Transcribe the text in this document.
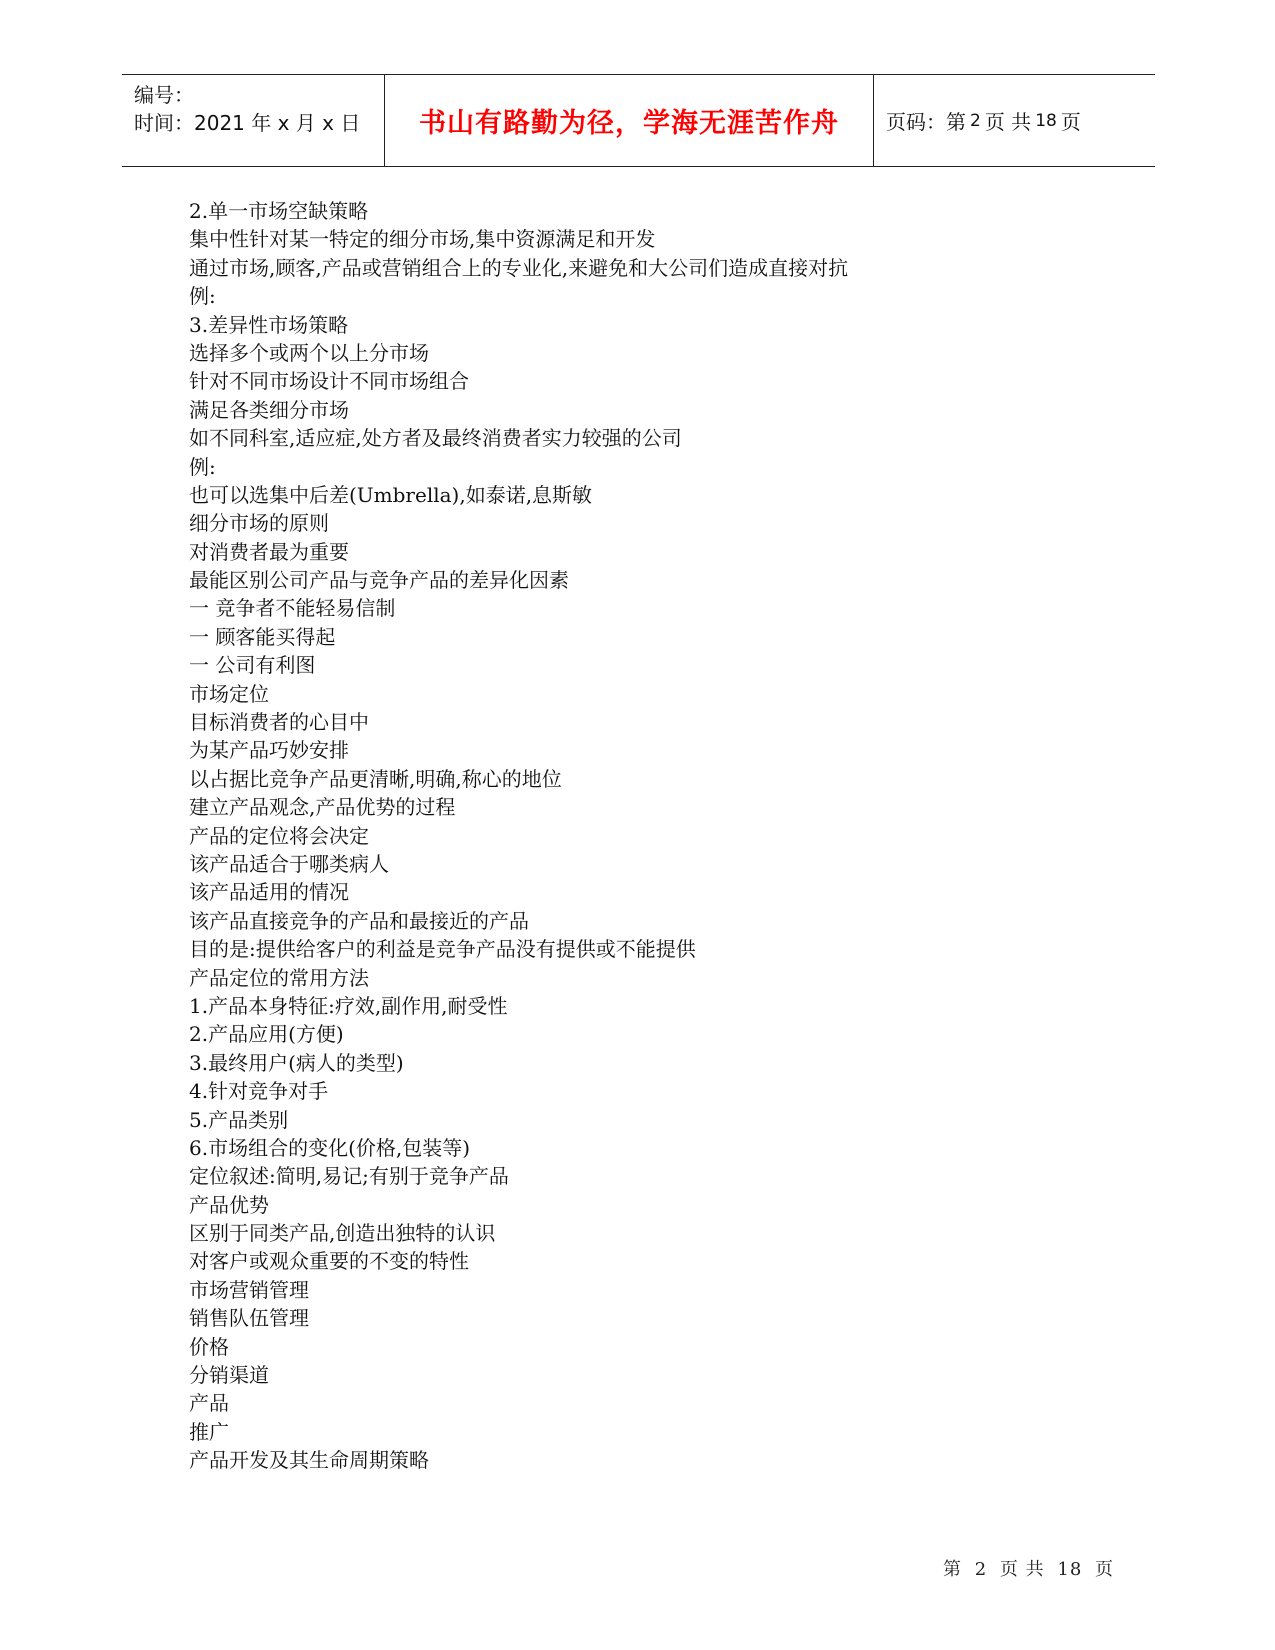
编号：
时间：2021 年 x 月 x 日	书山有路勤为径，学海无涯苦作舟 页码：第 2 页 共 18 页
2.单一市场空缺策略
集中性针对某一特定的细分市场,集中资源满足和开发
通过市场,顾客,产品或营销组合上的专业化,来避免和大公司们造成直接对抗
例:
3.差异性市场策略
选择多个或两个以上分市场
针对不同市场设计不同市场组合
满足各类细分市场
如不同科室,适应症,处方者及最终消费者实力较强的公司
例:
也可以选集中后差(Umbrella),如泰诺,息斯敏
细分市场的原则
对消费者最为重要
最能区别公司产品与竞争产品的差异化因素
一 竞争者不能轻易信制
一 顾客能买得起
一 公司有利图
市场定位
目标消费者的心目中
为某产品巧妙安排
以占据比竞争产品更清晰,明确,称心的地位
建立产品观念,产品优势的过程
产品的定位将会决定
该产品适合于哪类病人
该产品适用的情况
该产品直接竞争的产品和最接近的产品
目的是:提供给客户的利益是竞争产品没有提供或不能提供
产品定位的常用方法
1.产品本身特征:疗效,副作用,耐受性
2.产品应用(方便)
3.最终用户(病人的类型)
4.针对竞争对手
5.产品类别
6.市场组合的变化(价格,包装等)
定位叙述:简明,易记;有别于竞争产品
产品优势
区别于同类产品,创造出独特的认识
对客户或观众重要的不变的特性
市场营销管理
销售队伍管理
价格
分销渠道
产品
推广
产品开发及其生命周期策略
第 2 页 共 18 页
